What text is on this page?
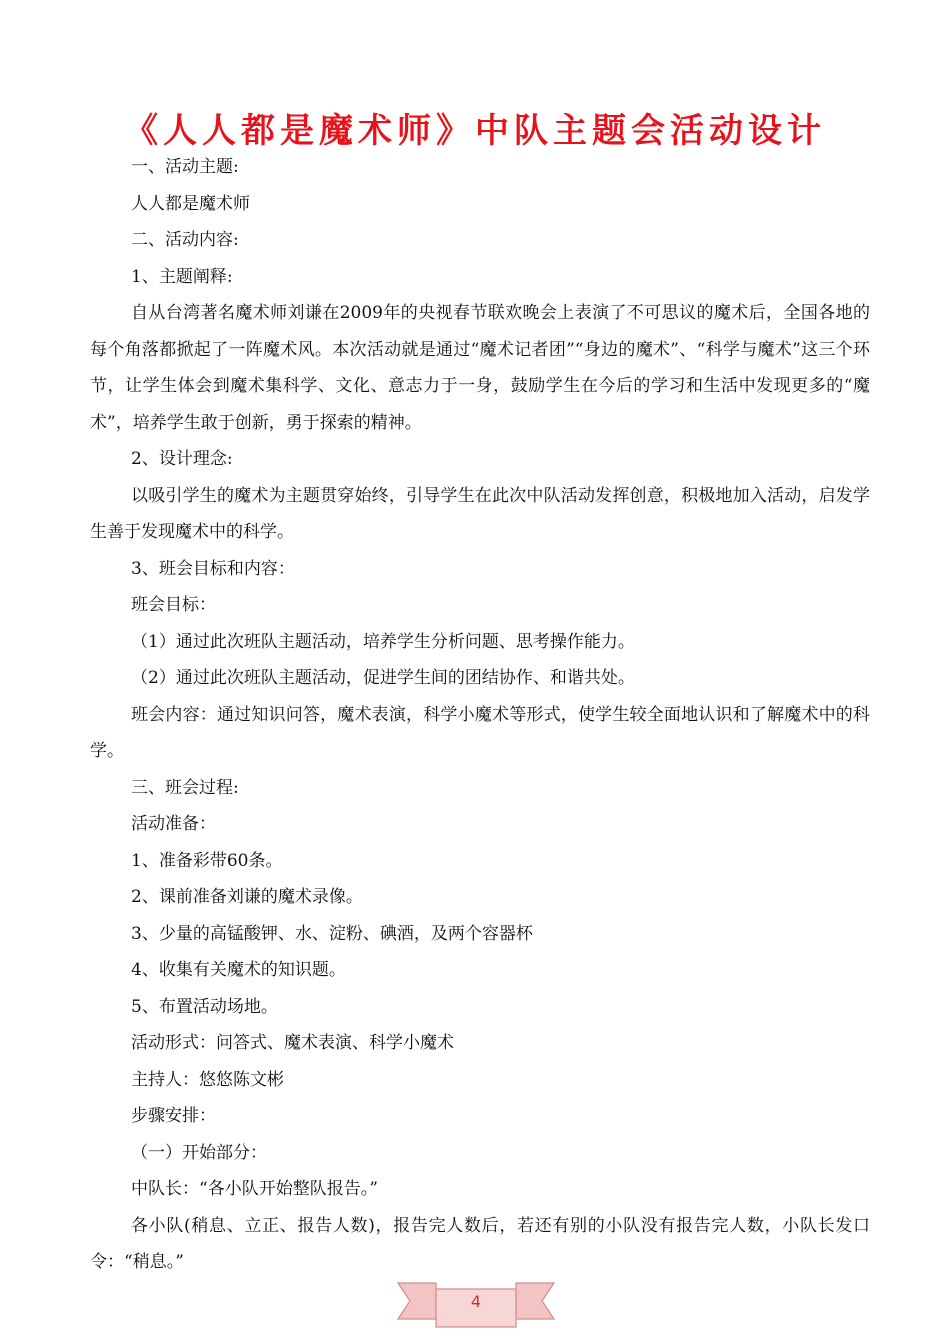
《人人都是魔术师》中队主题会活动设计

一、活动主题:

人人都是魔术师

二、活动内容:

1、主题阐释:

自从台湾著名魔术师刘谦在2009年的央视春节联欢晚会上表演了不可思议的魔术后，全国各地的每个角落都掀起了一阵魔术风。本次活动就是通过“魔术记者团”“身边的魔术”、“科学与魔术”这三个环节，让学生体会到魔术集科学、文化、意志力于一身，鼓励学生在今后的学习和生活中发现更多的“魔术”，培养学生敢于创新，勇于探索的精神。

2、设计理念:

以吸引学生的魔术为主题贯穿始终，引导学生在此次中队活动发挥创意，积极地加入活动，启发学生善于发现魔术中的科学。

3、班会目标和内容：

班会目标：

（1）通过此次班队主题活动，培养学生分析问题、思考操作能力。

（2）通过此次班队主题活动，促进学生间的团结协作、和谐共处。

班会内容：通过知识问答，魔术表演，科学小魔术等形式，使学生较全面地认识和了解魔术中的科学。

三、班会过程:

活动准备：

1、准备彩带60条。

2、课前准备刘谦的魔术录像。

3、少量的高锰酸钾、水、淀粉、碘酒，及两个容器杯

4、收集有关魔术的知识题。

5、布置活动场地。

活动形式：问答式、魔术表演、科学小魔术

主持人：悠悠陈文彬

步骤安排：

（一）开始部分：

中队长：“各小队开始整队报告。”

各小队(稍息、立正、报告人数)，报告完人数后，若还有别的小队没有报告完人数，小队长发口令：“稍息。”

4
